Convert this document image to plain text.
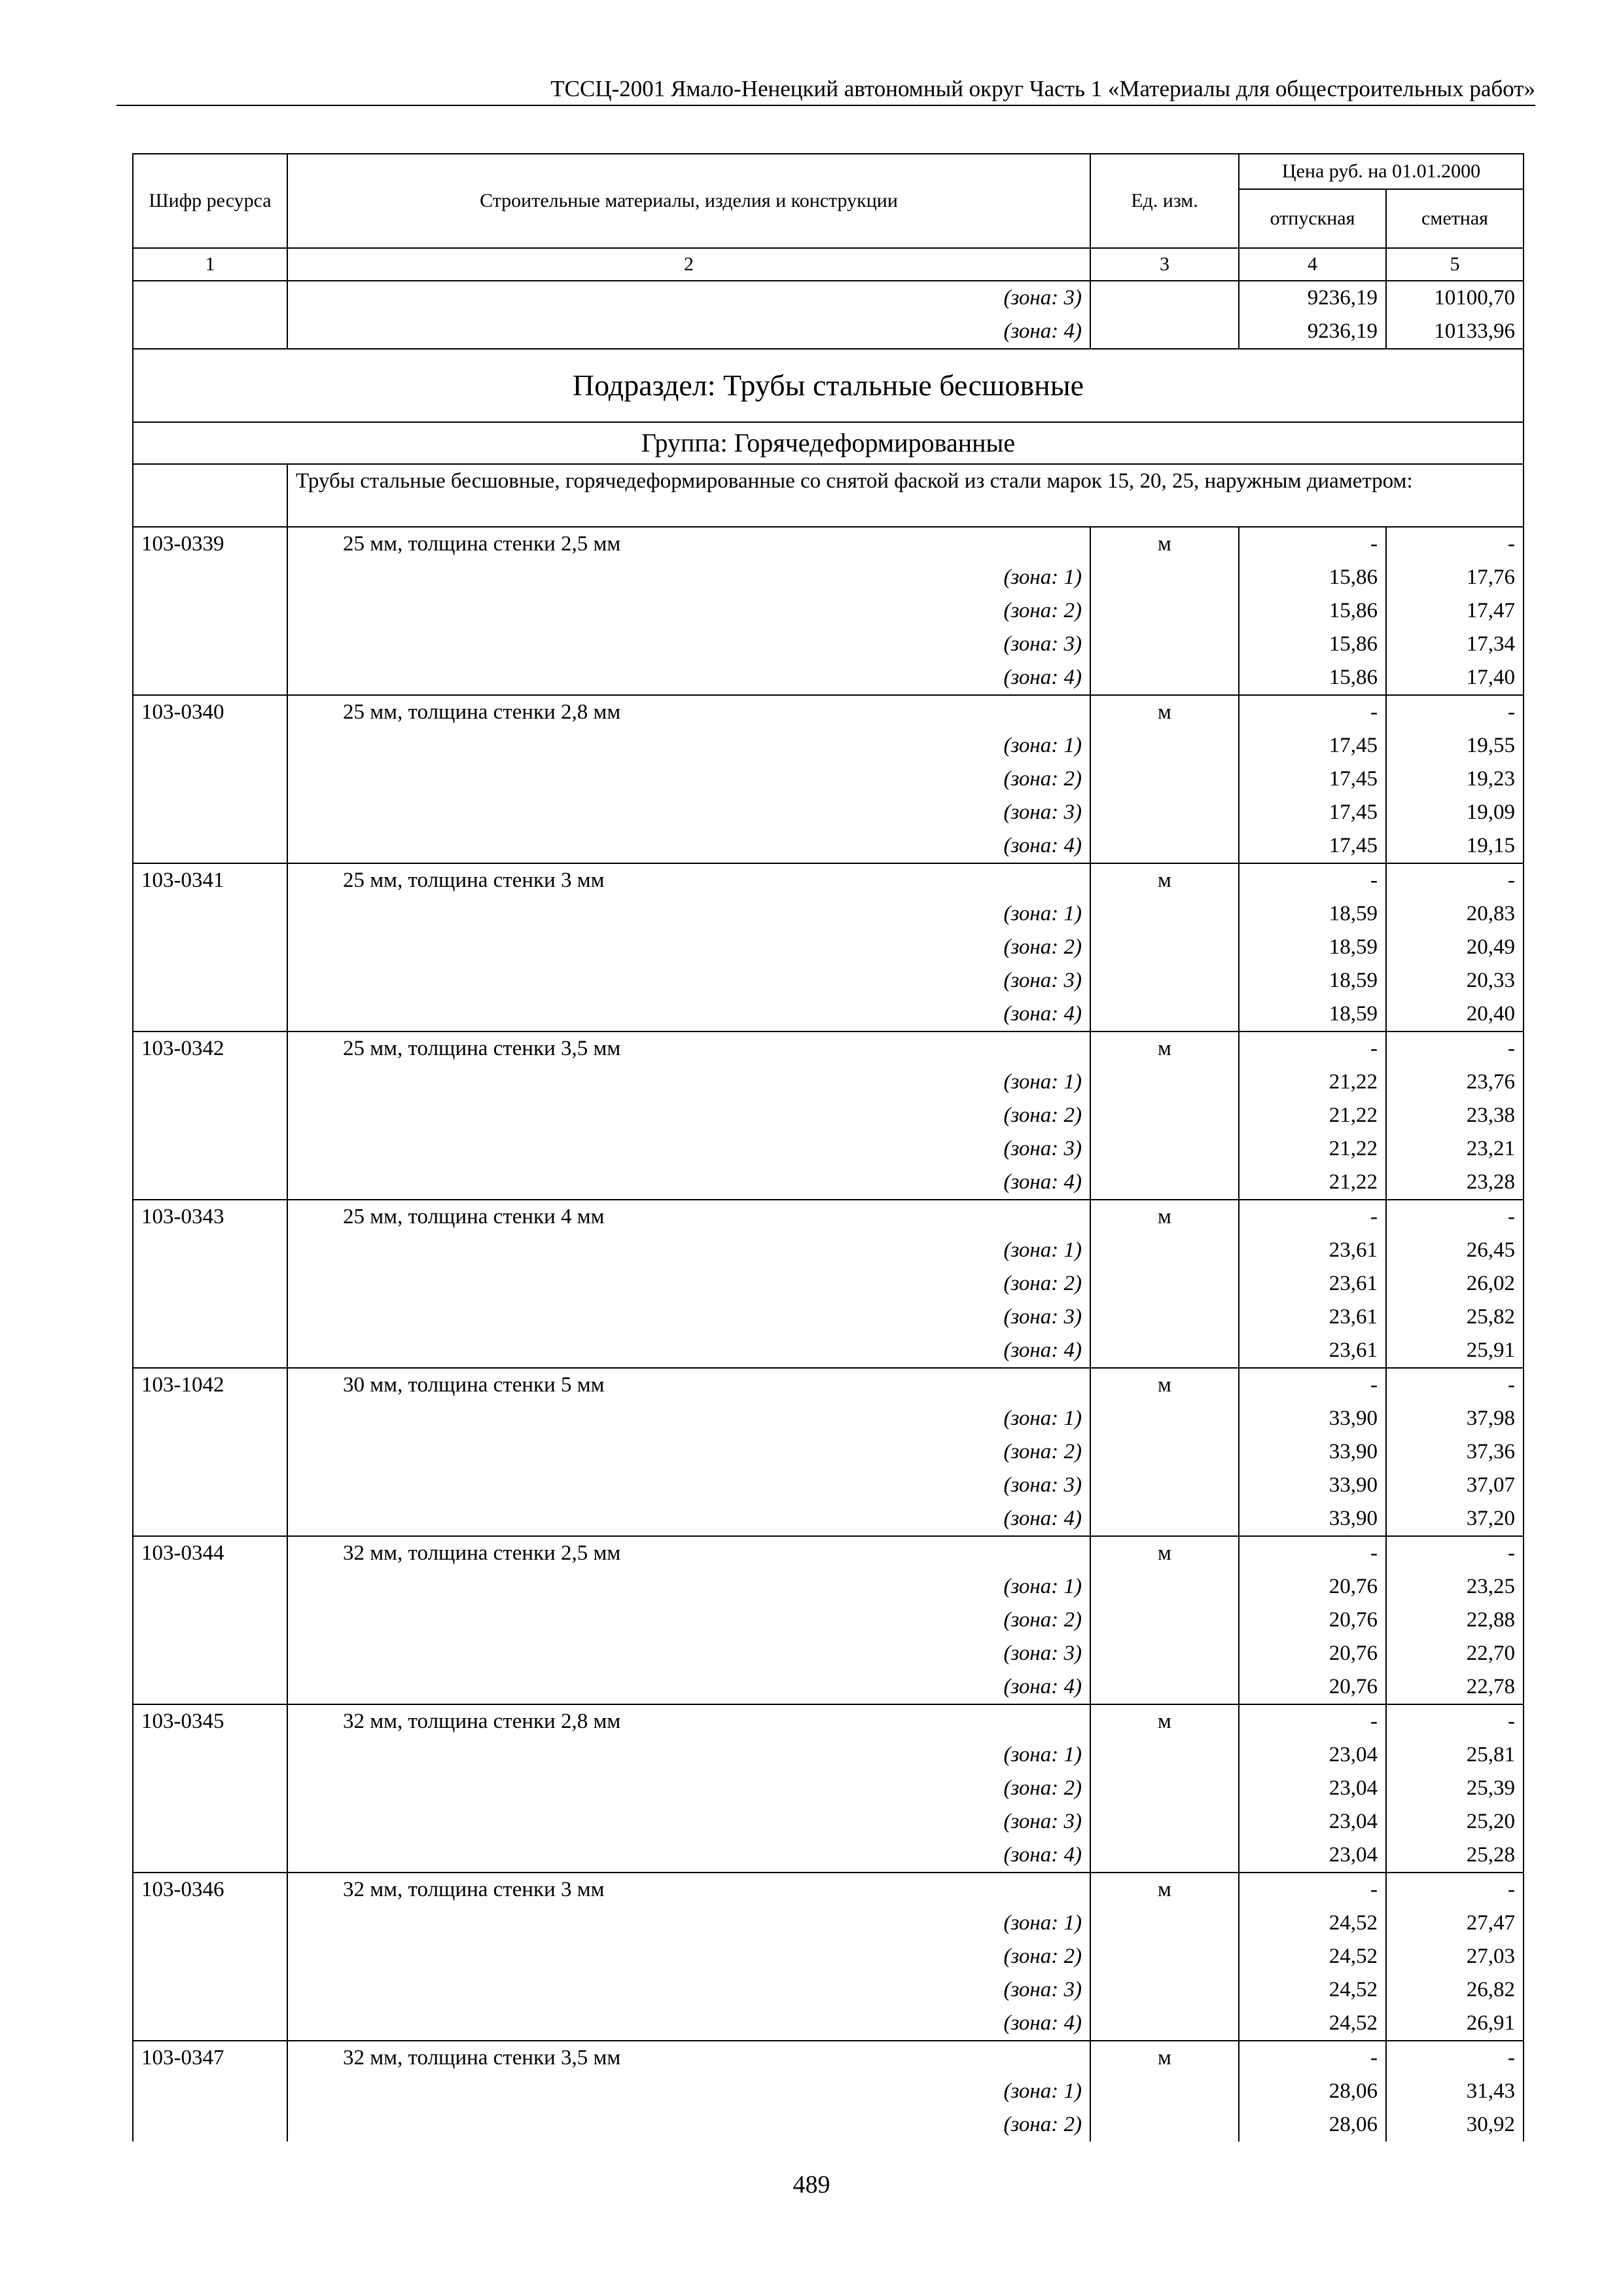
ТССЦ-2001 Ямало-Ненецкий автономный округ Часть 1 «Материалы для общестроительных работ»
Шифр ресурса	Строительные материалы, изделия и конструкции	Ед. изм.	Цена руб. на 01.01.2000	
			отпускная	сметная
1	2	3	4	5
	(зона: 3)		9236,19	10100,70
	(зона: 4)		9236,19	10133,96
Подраздел: Трубы стальные бесшовные				
Группа: Горячедеформированные				
	Трубы стальные бесшовные, горячедеформированные со снятой фаской из стали марок 15, 20, 25, наружным диаметром:			
103-0339	25 мм, толщина стенки 2,5 мм	м	-	-
	(зона: 1)		15,86	17,76
	(зона: 2)		15,86	17,47
	(зона: 3)		15,86	17,34
	(зона: 4)		15,86	17,40
103-0340	25 мм, толщина стенки 2,8 мм	м	-	-
	(зона: 1)		17,45	19,55
	(зона: 2)		17,45	19,23
	(зона: 3)		17,45	19,09
	(зона: 4)		17,45	19,15
103-0341	25 мм, толщина стенки 3 мм	м	-	-
	(зона: 1)		18,59	20,83
	(зона: 2)		18,59	20,49
	(зона: 3)		18,59	20,33
	(зона: 4)		18,59	20,40
103-0342	25 мм, толщина стенки 3,5 мм	м	-	-
	(зона: 1)		21,22	23,76
	(зона: 2)		21,22	23,38
	(зона: 3)		21,22	23,21
	(зона: 4)		21,22	23,28
103-0343	25 мм, толщина стенки 4 мм	м	-	-
	(зона: 1)		23,61	26,45
	(зона: 2)		23,61	26,02
	(зона: 3)		23,61	25,82
	(зона: 4)		23,61	25,91
103-1042	30 мм, толщина стенки 5 мм	м	-	-
	(зона: 1)		33,90	37,98
	(зона: 2)		33,90	37,36
	(зона: 3)		33,90	37,07
	(зона: 4)		33,90	37,20
103-0344	32 мм, толщина стенки 2,5 мм	м	-	-
	(зона: 1)		20,76	23,25
	(зона: 2)		20,76	22,88
	(зона: 3)		20,76	22,70
	(зона: 4)		20,76	22,78
103-0345	32 мм, толщина стенки 2,8 мм	м	-	-
	(зона: 1)		23,04	25,81
	(зона: 2)		23,04	25,39
	(зона: 3)		23,04	25,20
	(зона: 4)		23,04	25,28
103-0346	32 мм, толщина стенки 3 мм	м	-	-
	(зона: 1)		24,52	27,47
	(зона: 2)		24,52	27,03
	(зона: 3)		24,52	26,82
	(зона: 4)		24,52	26,91
103-0347	32 мм, толщина стенки 3,5 мм	м	-	-
	(зона: 1)		28,06	31,43
	(зона: 2)		28,06	30,92
489
